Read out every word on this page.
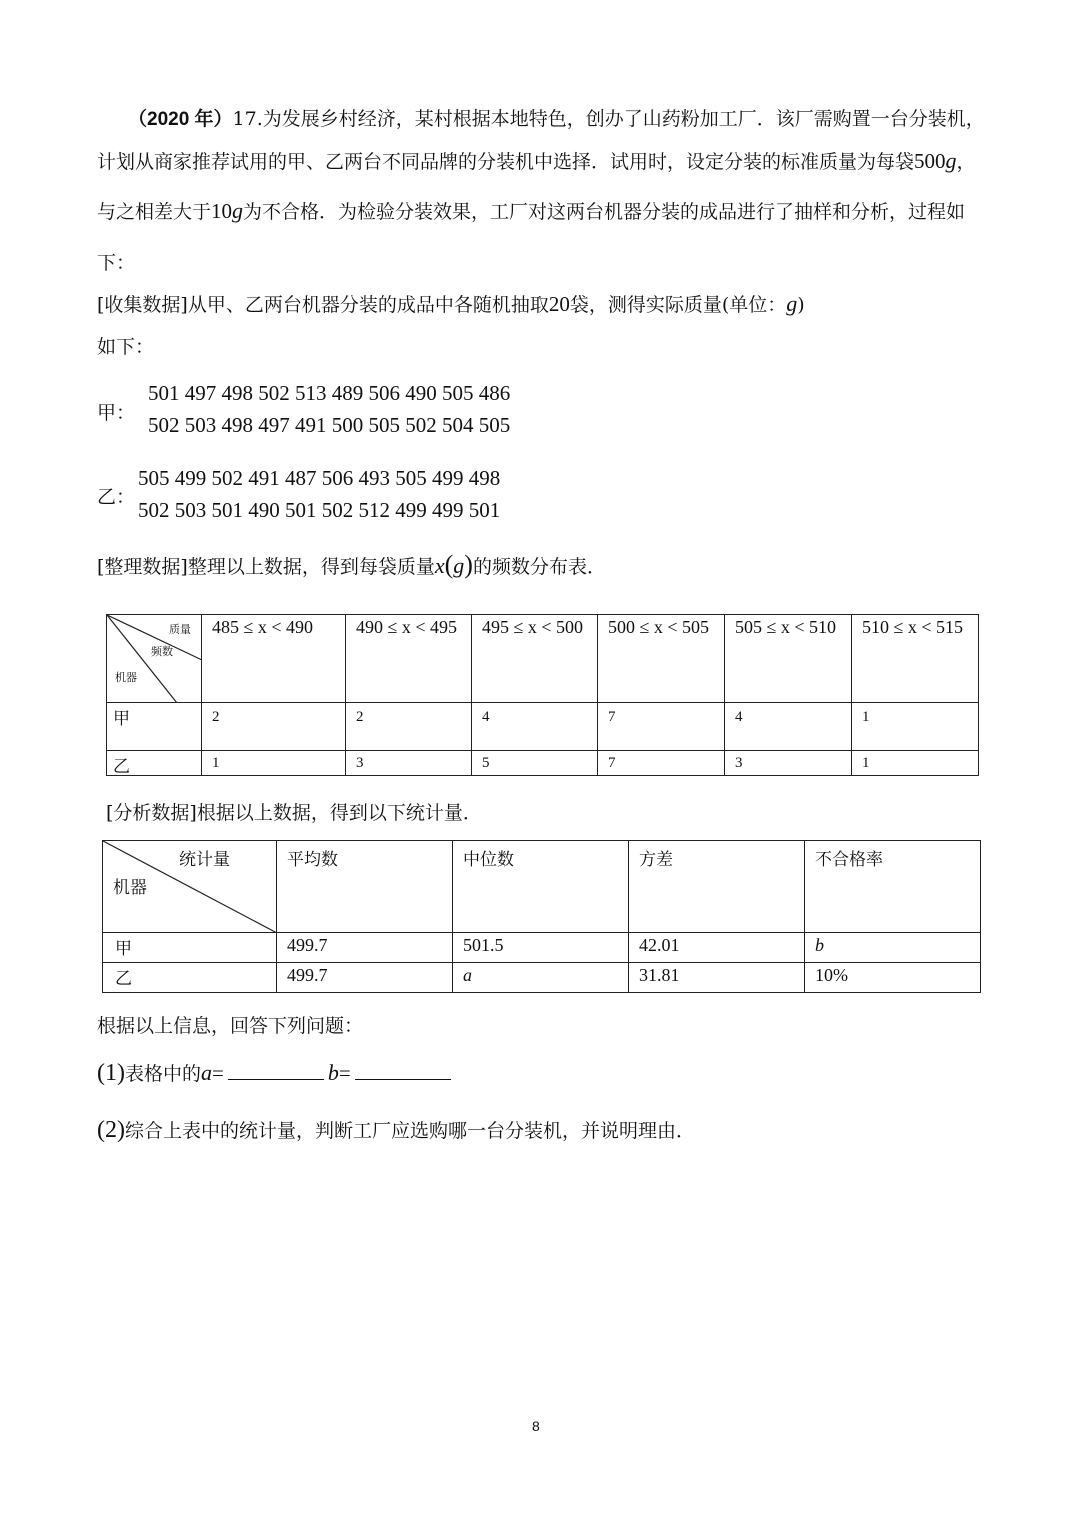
（2020 年）17.为发展乡村经济，某村根据本地特色，创办了山药粉加工厂．该厂需购置一台分装机，
计划从商家推荐试用的甲、乙两台不同品牌的分装机中选择．试用时，设定分装的标准质量为每袋500g，
与之相差大于10g为不合格．为检验分装效果，工厂对这两台机器分装的成品进行了抽样和分析，过程如
下：
[收集数据]从甲、乙两台机器分装的成品中各随机抽取20袋，测得实际质量(单位：g)
如下：
甲：
501 497 498 502 513 489 506 490 505 486
502 503 498 497 491 500 505 502 504 505
乙：
505 499 502 491 487 506 493 505 499 498
502 503 501 490 501 502 512 499 499 501
[整理数据]整理以上数据，得到每袋质量x(g)的频数分布表．
质量
频数
机器	485 ≤ x < 490	490 ≤ x < 495	495 ≤ x < 500	500 ≤ x < 505	505 ≤ x < 510	510 ≤ x < 515

甲	2	2	4	7	4	1

乙	1	3	5	7	3	1
[分析数据]根据以上数据，得到以下统计量．
统计量
机器	平均数	中位数	方差	不合格率

甲	499.7	501.5	42.01	b

乙	499.7	a	31.81	10%
根据以上信息，回答下列问题：
(1)表格中的a=	b=
(2)综合上表中的统计量，判断工厂应选购哪一台分装机，并说明理由．
8
